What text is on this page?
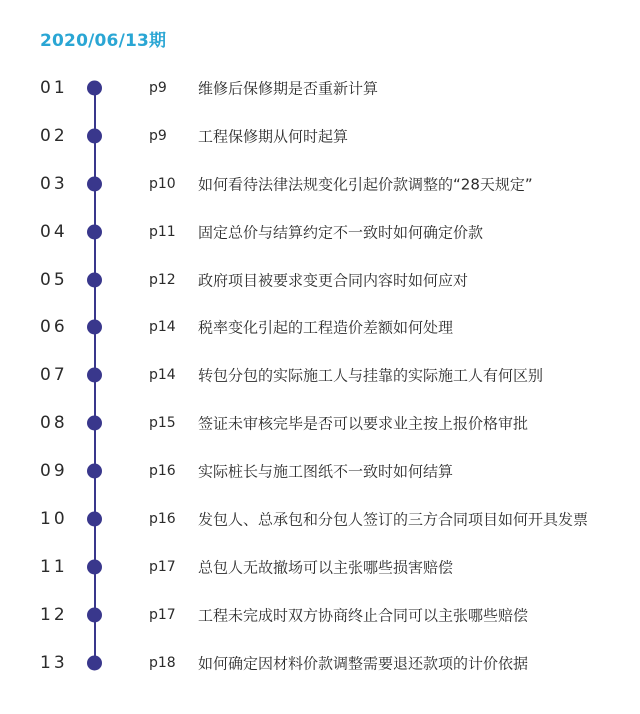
2020/06/13期
01	p9 维修后保修期是否重新计算
02	p9 工程保修期从何时起算
03	p10 如何看待法律法规变化引起价款调整的“28天规定”
04	p11 固定总价与结算约定不一致时如何确定价款
05	p12 政府项目被要求变更合同内容时如何应对
06	p14 税率变化引起的工程造价差额如何处理
07	p14 转包分包的实际施工人与挂靠的实际施工人有何区别
08	p15 签证未审核完毕是否可以要求业主按上报价格审批
09	p16 实际桩长与施工图纸不一致时如何结算
10	p16 发包人、总承包和分包人签订的三方合同项目如何开具发票
11	p17 总包人无故撤场可以主张哪些损害赔偿
12	p17 工程未完成时双方协商终止合同可以主张哪些赔偿
13	p18 如何确定因材料价款调整需要退还款项的计价依据
